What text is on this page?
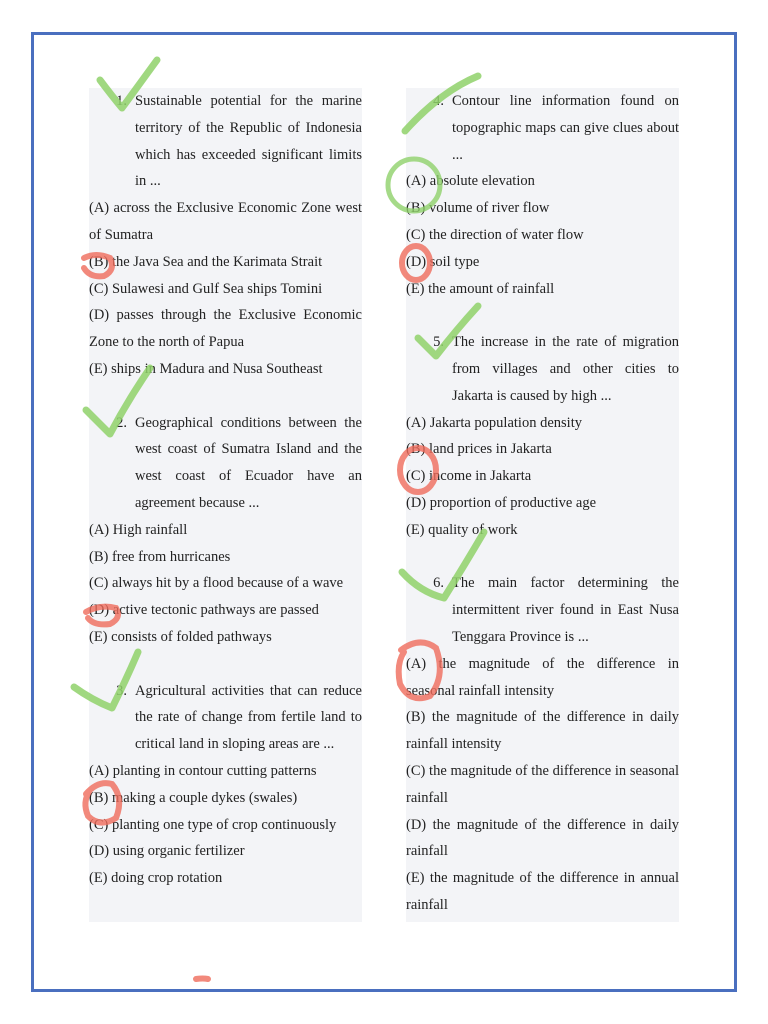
1. Sustainable potential for the marine territory of the Republic of Indonesia which has exceeded significant limits in ...
(A) across the Exclusive Economic Zone west of Sumatra
(B) the Java Sea and the Karimata Strait
(C) Sulawesi and Gulf Sea ships Tomini
(D) passes through the Exclusive Economic Zone to the north of Papua
(E) ships in Madura and Nusa Southeast
2. Geographical conditions between the west coast of Sumatra Island and the west coast of Ecuador have an agreement because ...
(A) High rainfall
(B) free from hurricanes
(C) always hit by a flood because of a wave
(D) active tectonic pathways are passed
(E) consists of folded pathways
3. Agricultural activities that can reduce the rate of change from fertile land to critical land in sloping areas are ...
(A) planting in contour cutting patterns
(B) making a couple dykes (swales)
(C) planting one type of crop continuously
(D) using organic fertilizer
(E) doing crop rotation
4. Contour line information found on topographic maps can give clues about ...
(A) absolute elevation
(B) volume of river flow
(C) the direction of water flow
(D) soil type
(E) the amount of rainfall
5. The increase in the rate of migration from villages and other cities to Jakarta is caused by high ...
(A) Jakarta population density
(B) land prices in Jakarta
(C) income in Jakarta
(D) proportion of productive age
(E) quality of work
6. The main factor determining the intermittent river found in East Nusa Tenggara Province is ...
(A) the magnitude of the difference in seasonal rainfall intensity
(B) the magnitude of the difference in daily rainfall intensity
(C) the magnitude of the difference in seasonal rainfall
(D) the magnitude of the difference in daily rainfall
(E) the magnitude of the difference in annual rainfall
